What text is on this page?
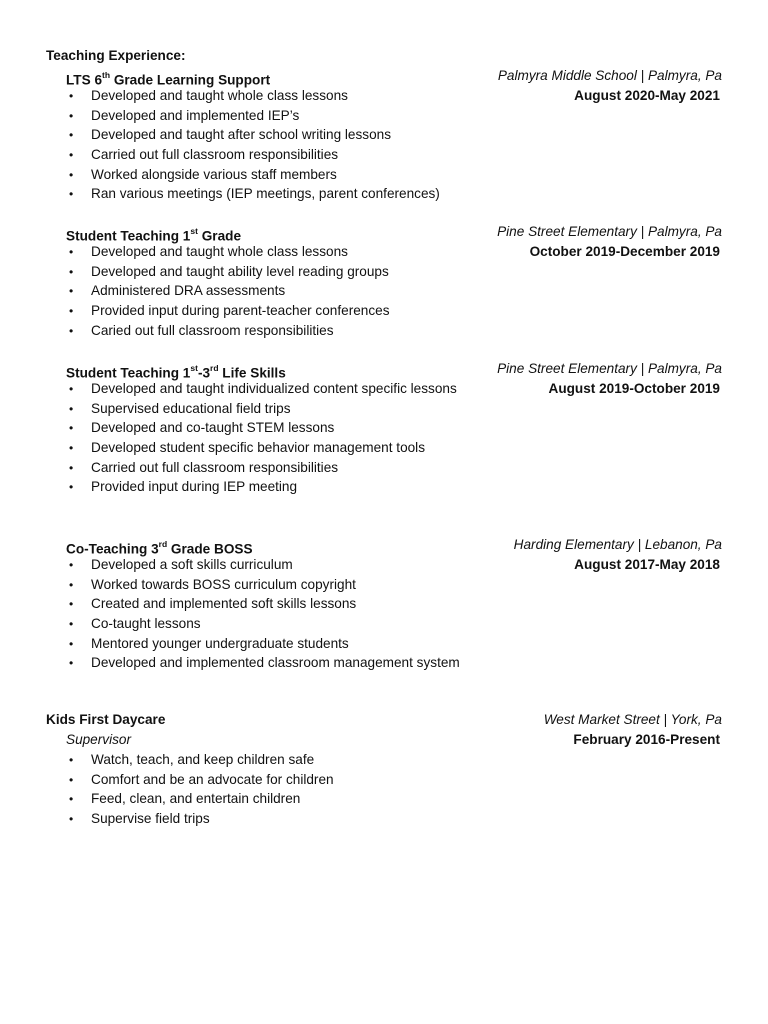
Teaching Experience:
LTS 6th Grade Learning Support	Palmyra Middle School | Palmyra, Pa
August 2020-May 2021
• Developed and taught whole class lessons
• Developed and implemented IEP’s
• Developed and taught after school writing lessons
• Carried out full classroom responsibilities
• Worked alongside various staff members
• Ran various meetings (IEP meetings, parent conferences)
Student Teaching 1st Grade	Pine Street Elementary | Palmyra, Pa
October 2019-December 2019
• Developed and taught whole class lessons
• Developed and taught ability level reading groups
• Administered DRA assessments
• Provided input during parent-teacher conferences
• Caried out full classroom responsibilities
Student Teaching 1st-3rd Life Skills	Pine Street Elementary | Palmyra, Pa
August 2019-October 2019
• Developed and taught individualized content specific lessons
• Supervised educational field trips
• Developed and co-taught STEM lessons
• Developed student specific behavior management tools
• Carried out full classroom responsibilities
• Provided input during IEP meeting
Co-Teaching 3rd Grade BOSS	Harding Elementary | Lebanon, Pa
August 2017-May 2018
• Developed a soft skills curriculum
• Worked towards BOSS curriculum copyright
• Created and implemented soft skills lessons
• Co-taught lessons
• Mentored younger undergraduate students
• Developed and implemented classroom management system
Kids First Daycare
Supervisor
West Market Street | York, Pa
February 2016-Present
• Watch, teach, and keep children safe
• Comfort and be an advocate for children
• Feed, clean, and entertain children
• Supervise field trips
